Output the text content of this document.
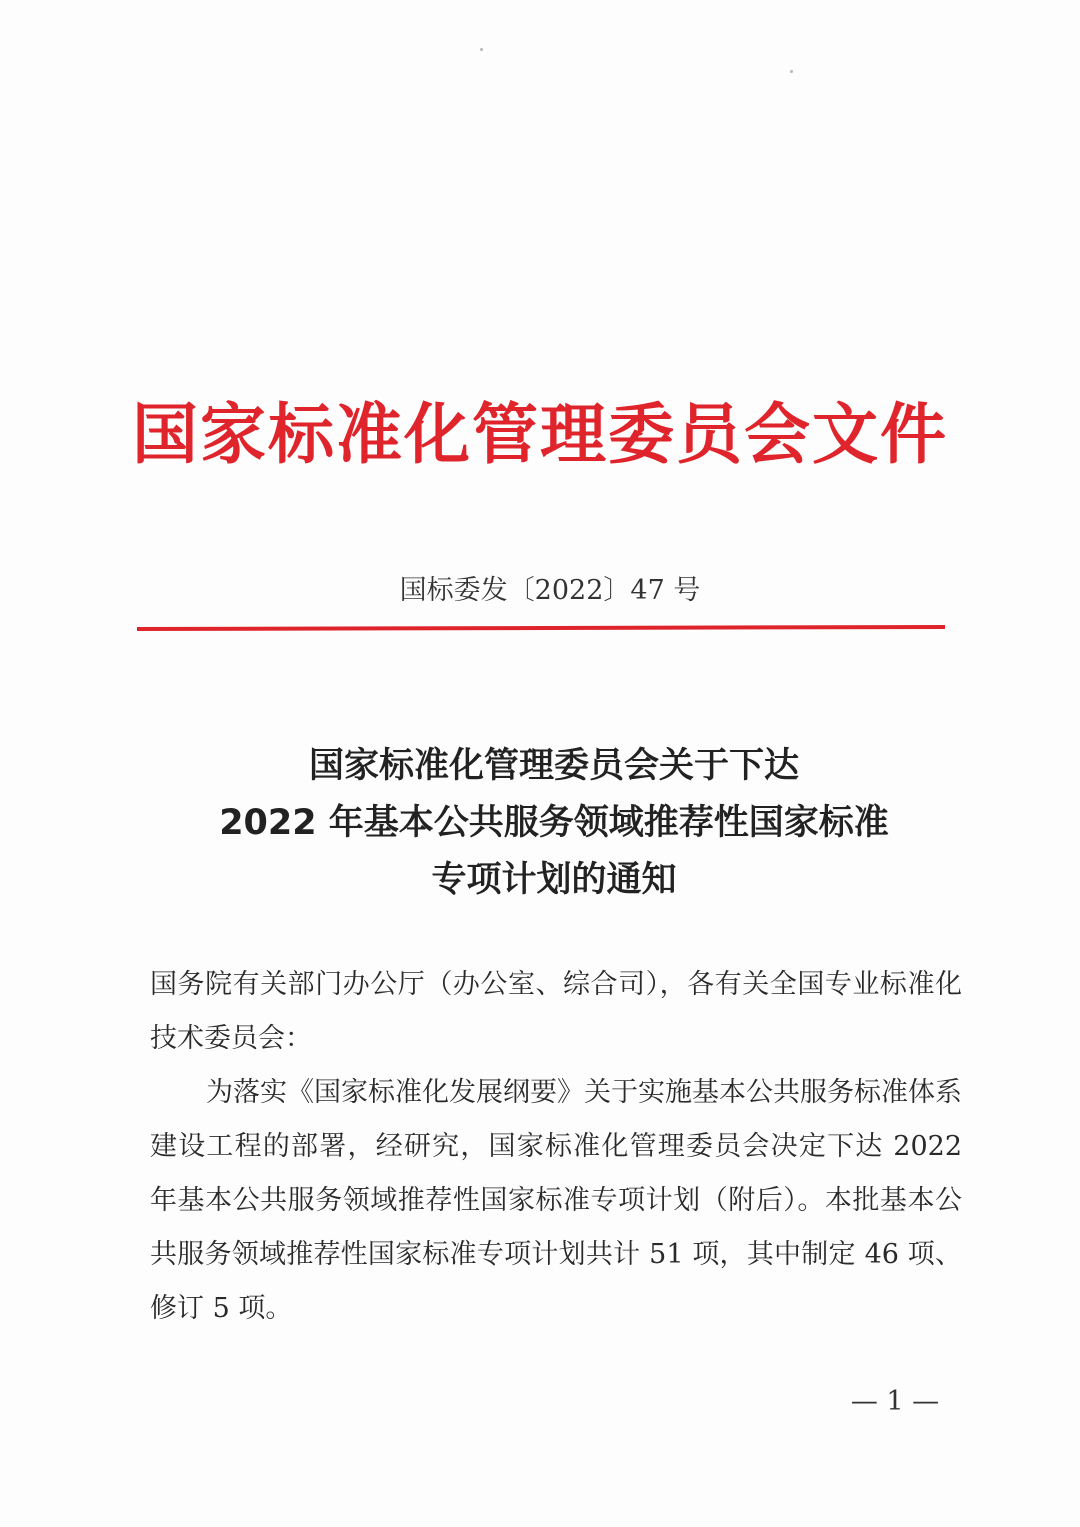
国家标准化管理委员会文件
国标委发〔2022〕47 号
国家标准化管理委员会关于下达
2022 年基本公共服务领域推荐性国家标准
专项计划的通知

国务院有关部门办公厅（办公室、综合司），各有关全国专业标准化技术委员会：

为落实《国家标准化发展纲要》关于实施基本公共服务标准体系建设工程的部署，经研究，国家标准化管理委员会决定下达 2022 年基本公共服务领域推荐性国家标准专项计划（附后）。本批基本公共服务领域推荐性国家标准专项计划共计 51 项，其中制定 46 项、修订 5 项。

— 1 —
